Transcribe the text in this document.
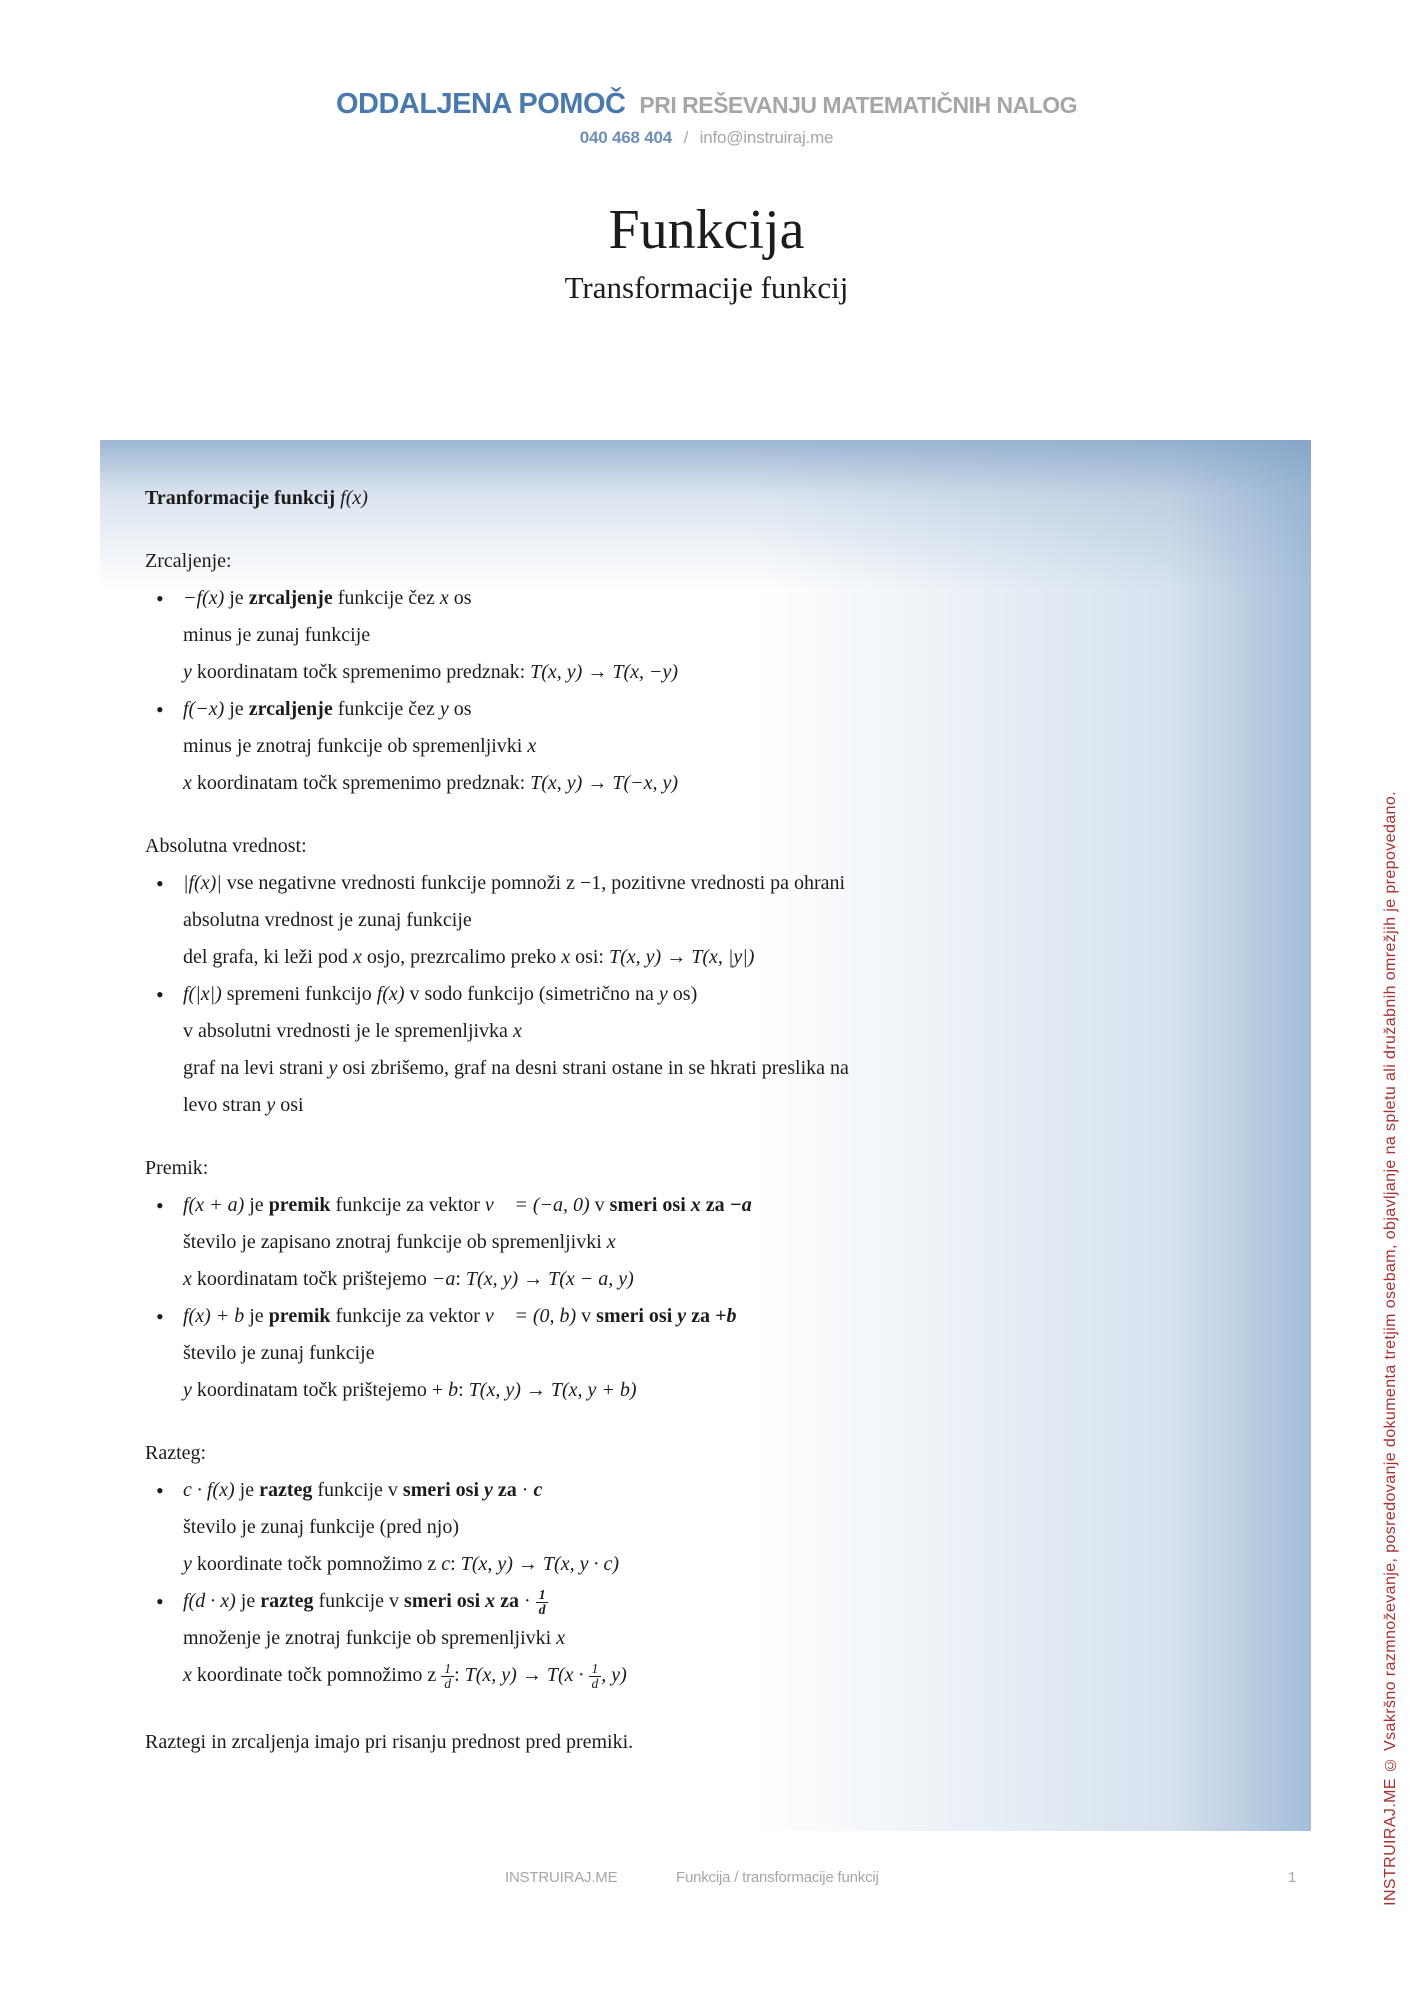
ODDALJENA POMOČ PRI REŠEVANJU MATEMATIČNIH NALOG
040 468 404 / info@instruiraj.me
Funkcija
Transformacije funkcij

Tranformacije funkcij f(x)

Zrcaljenje:
• −f(x) je zrcaljenje funkcije čez x os
minus je zunaj funkcije
y koordinatam točk spremenimo predznak: T(x, y) → T(x, −y)
• f(−x) je zrcaljenje funkcije čez y os
minus je znotraj funkcije ob spremenljivki x
x koordinatam točk spremenimo predznak: T(x, y) → T(−x, y)
Absolutna vrednost:
• |f(x)| vse negativne vrednosti funkcije pomnoži z −1, pozitivne vrednosti pa ohrani
absolutna vrednost je zunaj funkcije
del grafa, ki leži pod x osjo, prezrcalimo preko x osi: T(x, y) → T(x, |y|)
• f(|x|) spremeni funkcijo f(x) v sodo funkcijo (simetrično na y os)
v absolutni vrednosti je le spremenljivka x
graf na levi strani y osi zbrišemo, graf na desni strani ostane in se hkrati preslika na
levo stran y osi
Premik:
• f(x + a) je premik funkcije za vektor v⃗ = (−a, 0) v smeri osi x za −a
število je zapisano znotraj funkcije ob spremenljivki x
x koordinatam točk prištejemo −a: T(x, y) → T(x − a, y)
• f(x) + b je premik funkcije za vektor v⃗ = (0, b) v smeri osi y za +b
število je zunaj funkcije
y koordinatam točk prištejemo + b: T(x, y) → T(x, y + b)
Razteg:
• c · f(x) je razteg funkcije v smeri osi y za · c
število je zunaj funkcije (pred njo)
y koordinate točk pomnožimo z c: T(x, y) → T(x, y · c)
• f(d · x) je razteg funkcije v smeri osi x za · $\frac{1}{d}$
množenje je znotraj funkcije ob spremenljivki x
x koordinate točk pomnožimo z $\frac{1}{d}$ : T(x, $y) \to T(x \cdot \frac{1}{d}$ , y)

Raztegi in zrcaljenja imajo pri risanju prednost pred premiki.	INSTRUIRAJ.ME © Vsakršno razmnoževanje, posredovanje dokumenta tretjim osebam, objavljanje na spletu ali družabnih omrežjih je prepovedano.
INSTRUIRAJ.ME	Funkcija / transformacije funkcij	1
